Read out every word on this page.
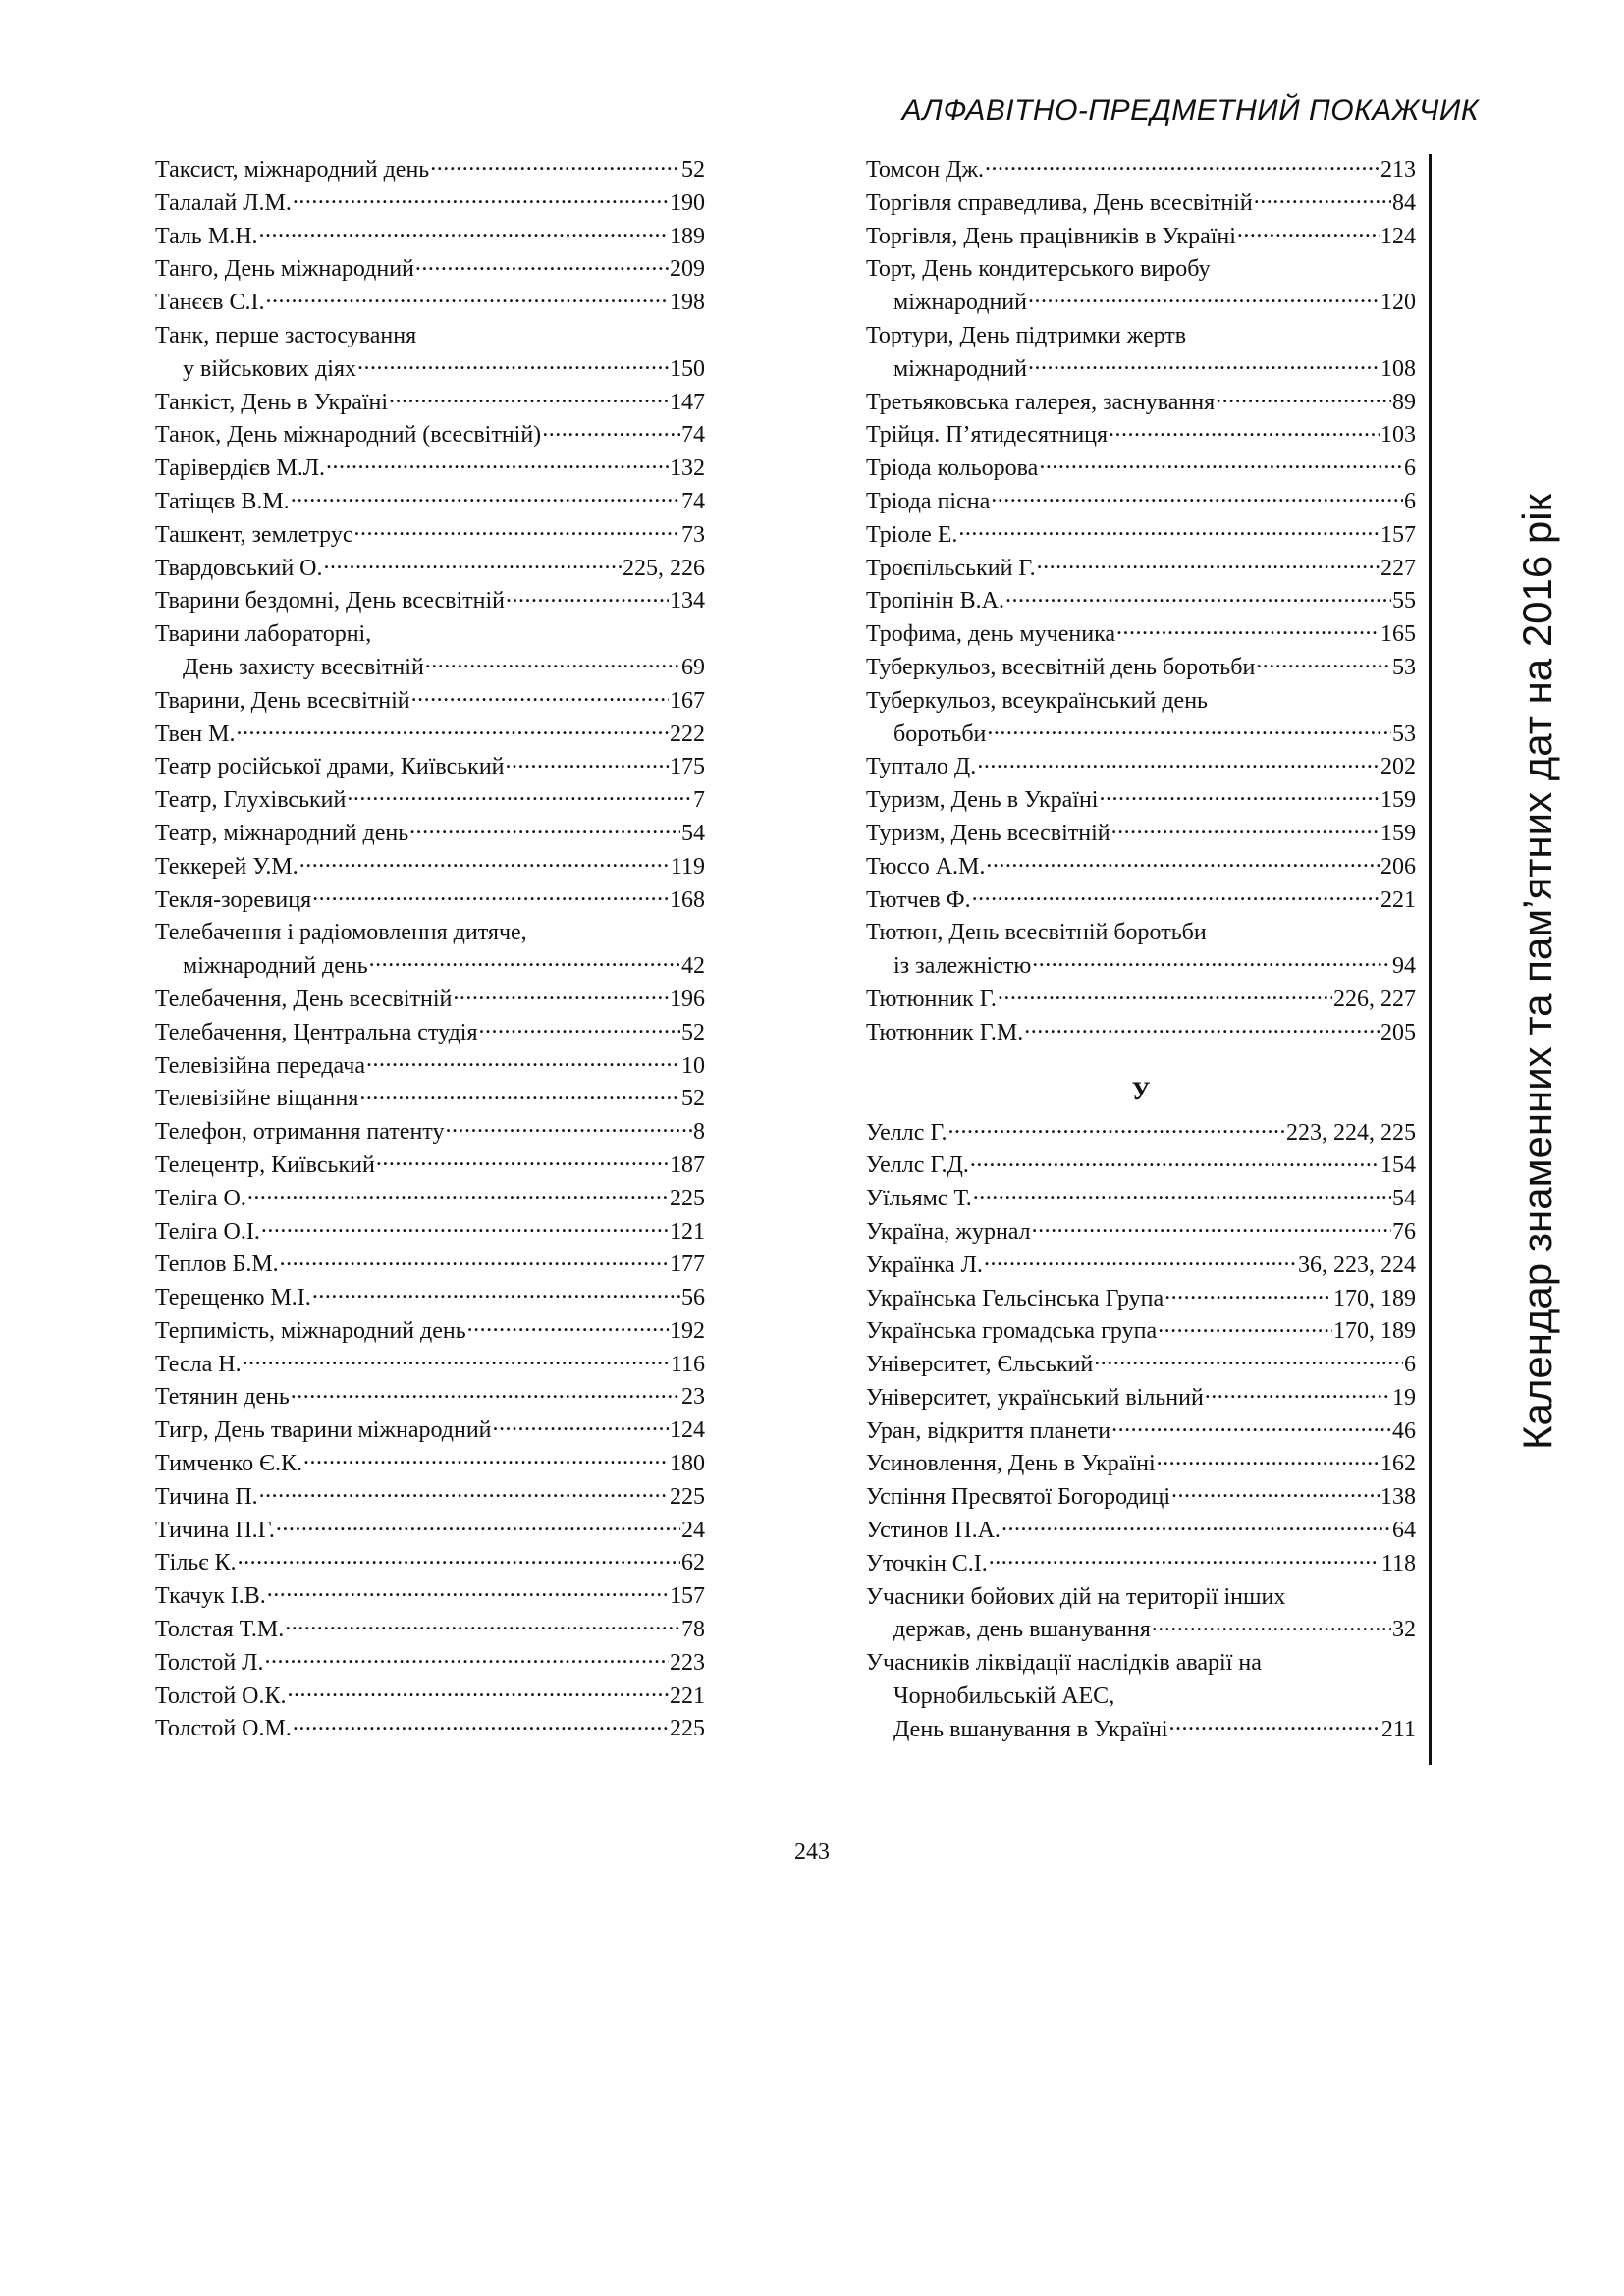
АЛФАВІТНО-ПРЕДМЕТНИЙ ПОКАЖЧИК
Таксист, міжнародний день .....	52
Талалай Л.М. .....	190
Таль М.Н. .....	189
Танго, День міжнародний .....	209
Танєєв С.І. .....	198
Танк, перше застосування
у військових діях .....	150
Танкіст, День в Україні .....	147
Танок, День міжнародний (всесвітній) .....	74
Тарівердієв М.Л. .....	132
Татіщєв В.М. .....	74
Ташкент, землетрус .....	73
Твардовський О. .....	225, 226
Тварини бездомні, День всесвітній .....	134
Тварини лабораторні,
День захисту всесвітній .....	69
Тварини, День всесвітній .....	167
Твен М. .....	222
Театр російської драми, Київський .....	175
Театр, Глухівський .....	7
Театр, міжнародний день .....	54
Теккерей У.М. .....	119
Текля-зоревиця .....	168
Телебачення і радіомовлення дитяче,
міжнародний день .....	42
Телебачення, День всесвітній .....	196
Телебачення, Центральна студія .....	52
Телевізійна передача .....	10
Телевізійне віщання .....	52
Телефон, отримання патенту .....	8
Телецентр, Київський .....	187
Теліга О. .....	225
Теліга О.І. .....	121
Теплов Б.М. .....	177
Терещенко М.І. .....	56
Терпимість, міжнародний день .....	192
Тесла Н. .....	116
Тетянин день .....	23
Тигр, День тварини міжнародний .....	124
Тимченко Є.К. .....	180
Тичина П. .....	225
Тичина П.Г. .....	24
Тільє К. .....	62
Ткачук І.В. .....	157
Толстая Т.М. .....	78
Толстой Л. .....	223
Толстой О.К. .....	221
Толстой О.М. .....	225
Томсон Дж. .....	213
Торгівля справедлива, День всесвітній .....	84
Торгівля, День працівників в Україні .....	124
Торт, День кондитерського виробу
міжнародний .....	120
Тортури, День підтримки жертв
міжнародний .....	108
Третьяковська галерея, заснування .....	89
Трійця. П’ятидесятниця .....	103
Тріода кольорова .....	6
Тріода пісна .....	6
Тріоле Е. .....	157
Троєпільський Г. .....	227
Тропінін В.А. .....	55
Трофима, день мученика .....	165
Туберкульоз, всесвітній день боротьби .....	53
Туберкульоз, всеукраїнський день
боротьби .....	53
Туптало Д. .....	202
Туризм, День в Україні .....	159
Туризм, День всесвітній .....	159
Тюссо А.М. .....	206
Тютчев Ф. .....	221
Тютюн, День всесвітній боротьби
із залежністю .....	94
Тютюнник Г. .....	226, 227
Тютюнник Г.М. .....	205
У
Уеллс Г. .....	223, 224, 225
Уеллс Г.Д. .....	154
Уїльямс Т. .....	54
Україна, журнал .....	76
Українка Л. .....	36, 223, 224
Українська Гельсінська Група .....	170, 189
Українська громадська група .....	170, 189
Університет, Єльський .....	6
Університет, український вільний .....	19
Уран, відкриття планети .....	46
Усиновлення, День в Україні .....	162
Успіння Пресвятої Богородиці .....	138
Устинов П.А. .....	64
Уточкін С.І. .....	118
Учасники бойових дій на території інших
держав, день вшанування .....	32
Учасників ліквідації наслідків аварії на
Чорнобильській АЕС,
День вшанування в Україні .....	211
Календар знаменних та пам’ятних дат на 2016 рік
243
